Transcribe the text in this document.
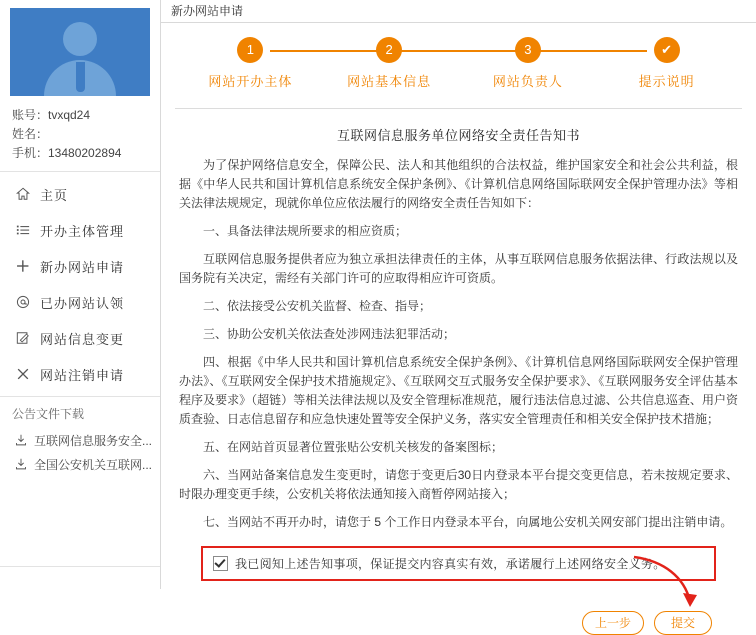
账号：tvxqd24
姓名：
手机：13480202894
主页
开办主体管理
新办网站申请
已办网站认领
网站信息变更
网站注销申请
公告文件下载
互联网信息服务安全...
全国公安机关互联网...
新办网站申请
1
网站开办主体
2
网站基本信息
3
网站负责人
✔
提示说明
互联网信息服务单位网络安全责任告知书

为了保护网络信息安全，保障公民、法人和其他组织的合法权益，维护国家安全和社会公共利益，根据《中华人民共和国计算机信息系统安全保护条例》、《计算机信息网络国际联网安全保护管理办法》等相关法律法规规定，现就你单位应依法履行的网络安全责任告知如下：

一、具备法律法规所要求的相应资质；

互联网信息服务提供者应为独立承担法律责任的主体，从事互联网信息服务依据法律、行政法规以及国务院有关决定，需经有关部门许可的应取得相应许可资质。

二、依法接受公安机关监督、检查、指导；

三、协助公安机关依法查处涉网违法犯罪活动；

四、根据《中华人民共和国计算机信息系统安全保护条例》、《计算机信息网络国际联网安全保护管理办法》、《互联网安全保护技术措施规定》、《互联网交互式服务安全保护要求》、《互联网服务安全评估基本程序及要求》（超链）等相关法律法规以及安全管理标准规范，履行违法信息过滤、公共信息巡查、用户资质查验、日志信息留存和应急快速处置等安全保护义务，落实安全管理责任和相关安全保护技术措施；

五、在网站首页显著位置张贴公安机关核发的备案图标；

六、当网站备案信息发生变更时，请您于变更后30日内登录本平台提交变更信息，若未按规定要求、时限办理变更手续，公安机关将依法通知接入商暂停网站接入；

七、当网站不再开办时，请您于 5 个工作日内登录本平台，向属地公安机关网安部门提出注销申请。

我已阅知上述告知事项，保证提交内容真实有效，承诺履行上述网络安全义务。
上一步	提交
